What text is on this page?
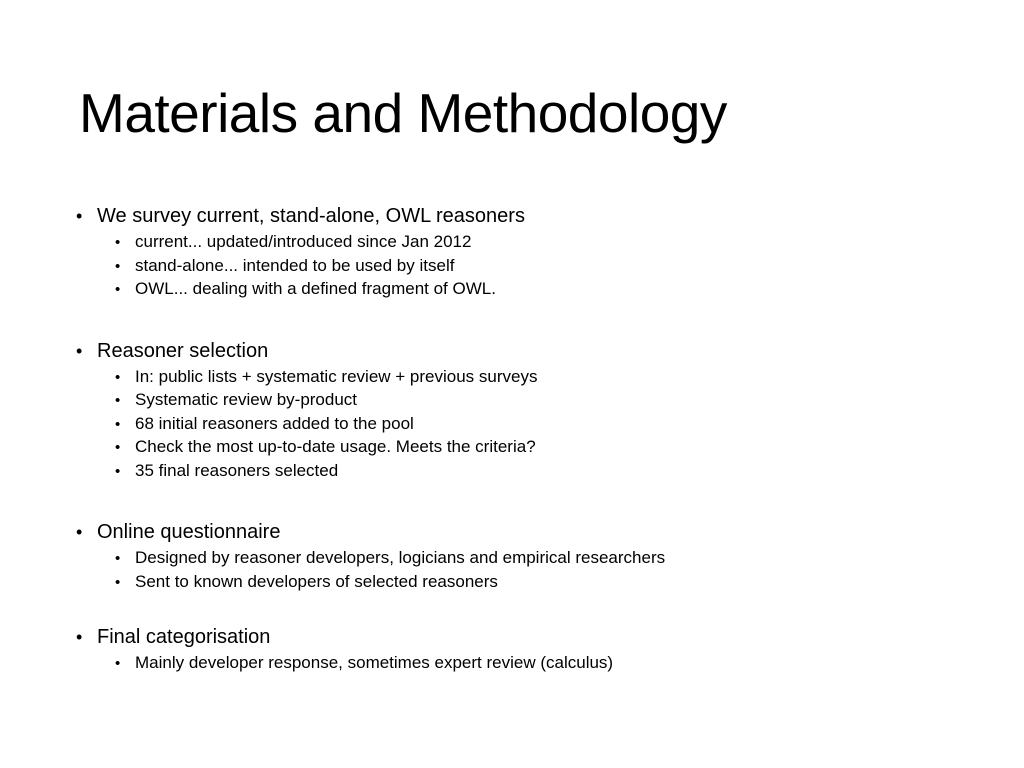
Materials and Methodology
• We survey current, stand-alone, OWL reasoners
• current... updated/introduced since Jan 2012
• stand-alone... intended to be used by itself
• OWL... dealing with a defined fragment of OWL.
• Reasoner selection
• In: public lists + systematic review + previous surveys
• Systematic review by-product
• 68 initial reasoners added to the pool
• Check the most up-to-date usage. Meets the criteria?
• 35 final reasoners selected
• Online questionnaire
• Designed by reasoner developers, logicians and empirical researchers
• Sent to known developers of selected reasoners
• Final categorisation
• Mainly developer response, sometimes expert review (calculus)
